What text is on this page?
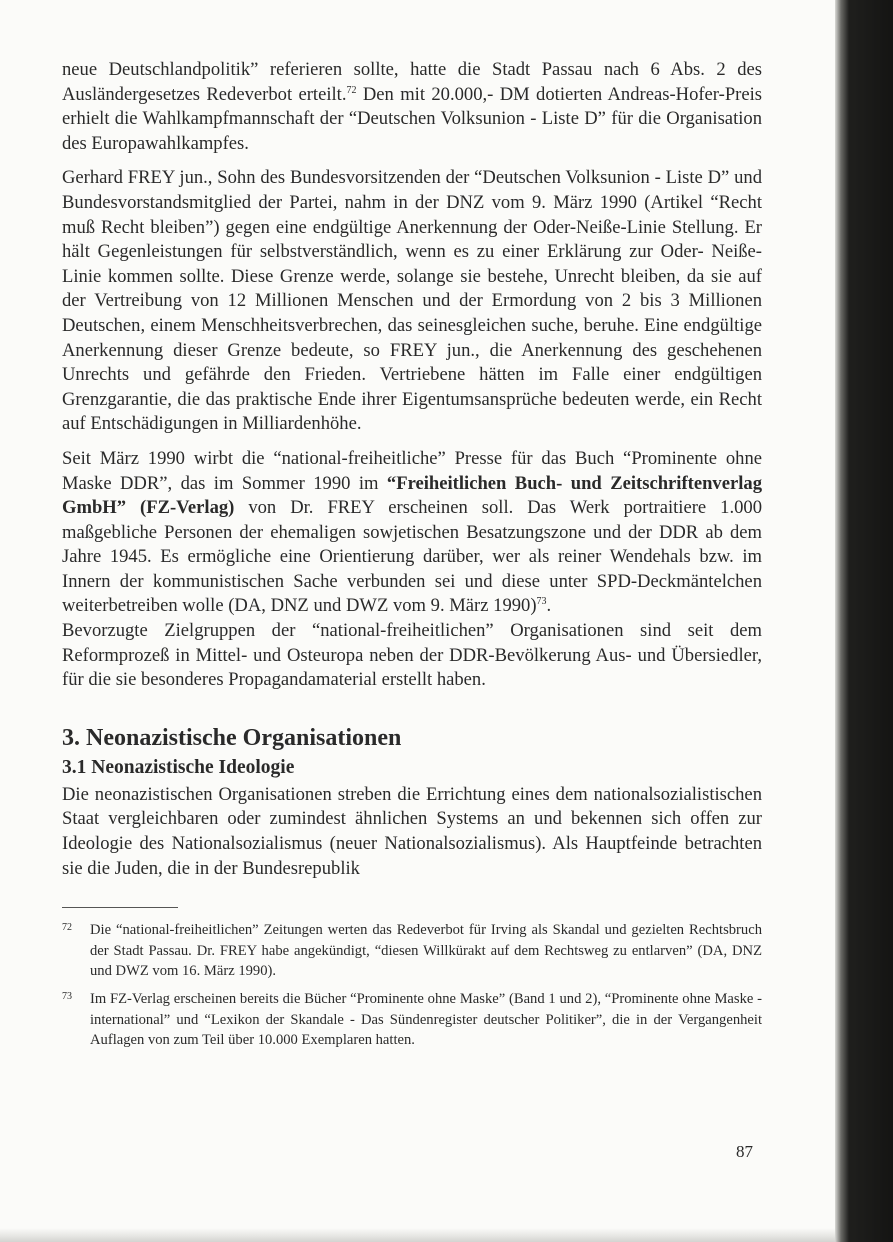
neue Deutschlandpolitik” referieren sollte, hatte die Stadt Passau nach 6 Abs. 2 des Ausländergesetzes Redeverbot erteilt.$^{72}$ Den mit 20.000,- DM dotierten Andreas-Hofer-Preis erhielt die Wahlkampfmannschaft der “Deutschen Volksunion - Liste D” für die Organisation des Europawahlkampfes.

Gerhard FREY jun., Sohn des Bundesvorsitzenden der “Deutschen Volksunion - Liste D” und Bundesvorstandsmitglied der Partei, nahm in der DNZ vom 9. März 1990 (Artikel “Recht muß Recht bleiben”) gegen eine endgültige Anerkennung der Oder-Neiße-Linie Stellung. Er hält Gegenleistungen für selbstverständlich, wenn es zu einer Erklärung zur Oder- Neiße-Linie kommen sollte. Diese Grenze werde, solange sie bestehe, Unrecht bleiben, da sie auf der Vertreibung von 12 Millionen Menschen und der Ermordung von 2 bis 3 Millionen Deutschen, einem Menschheitsverbrechen, das seinesgleichen suche, beruhe. Eine endgültige Anerkennung dieser Grenze bedeute, so FREY jun., die Anerkennung des geschehenen Unrechts und gefährde den Frieden. Vertriebene hätten im Falle einer endgültigen Grenzgarantie, die das praktische Ende ihrer Eigentumsansprüche bedeuten werde, ein Recht auf Entschädigungen in Milliardenhöhe.

Seit März 1990 wirbt die “national-freiheitliche” Presse für das Buch “Prominente ohne Maske DDR”, das im Sommer 1990 im “Freiheitlichen Buch- und Zeitschriftenverlag GmbH” (FZ-Verlag) von Dr. FREY erscheinen soll. Das Werk portraitiere 1.000 maßgebliche Personen der ehemaligen sowjetischen Besatzungszone und der DDR ab dem Jahre 1945. Es ermögliche eine Orientierung darüber, wer als reiner Wendehals bzw. im Innern der kommunistischen Sache verbunden sei und diese unter SPD-Deckmäntelchen weiterbetreiben wolle (DA, DNZ und DWZ vom 9. März 1990)$^{73}$.

Bevorzugte Zielgruppen der “national-freiheitlichen” Organisationen sind seit dem Reformprozeß in Mittel- und Osteuropa neben der DDR-Bevölkerung Aus- und Übersiedler, für die sie besonderes Propagandamaterial erstellt haben.

3. Neonazistische Organisationen
3.1 Neonazistische Ideologie

Die neonazistischen Organisationen streben die Errichtung eines dem nationalsozialistischen Staat vergleichbaren oder zumindest ähnlichen Systems an und bekennen sich offen zur Ideologie des Nationalsozialismus (neuer Nationalsozialismus). Als Hauptfeinde betrachten sie die Juden, die in der Bundesrepublik

72 Die “national-freiheitlichen” Zeitungen werten das Redeverbot für Irving als Skandal und gezielten Rechtsbruch der Stadt Passau. Dr. FREY habe angekündigt, “diesen Willkürakt auf dem Rechtsweg zu entlarven” (DA, DNZ und DWZ vom 16. März 1990).
73 Im FZ-Verlag erscheinen bereits die Bücher “Prominente ohne Maske” (Band 1 und 2), “Prominente ohne Maske - international” und “Lexikon der Skandale - Das Sündenregister deutscher Politiker”, die in der Vergangenheit Auflagen von zum Teil über 10.000 Exemplaren hatten.
87
